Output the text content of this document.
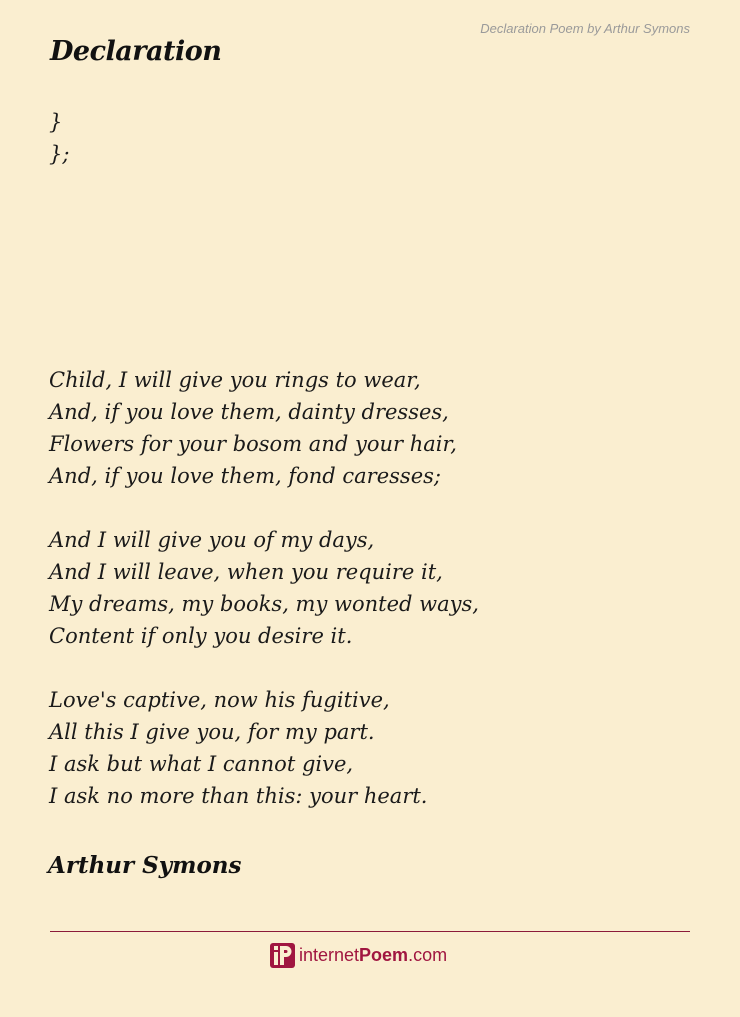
Declaration Poem by Arthur Symons
Declaration
}
};
Child, I will give you rings to wear,
And, if you love them, dainty dresses,
Flowers for your bosom and your hair,
And, if you love them, fond caresses;
And I will give you of my days,
And I will leave, when you require it,
My dreams, my books, my wonted ways,
Content if only you desire it.
Love's captive, now his fugitive,
All this I give you, for my part.
I ask but what I cannot give,
I ask no more than this: your heart.
Arthur Symons
internet Poem .com
